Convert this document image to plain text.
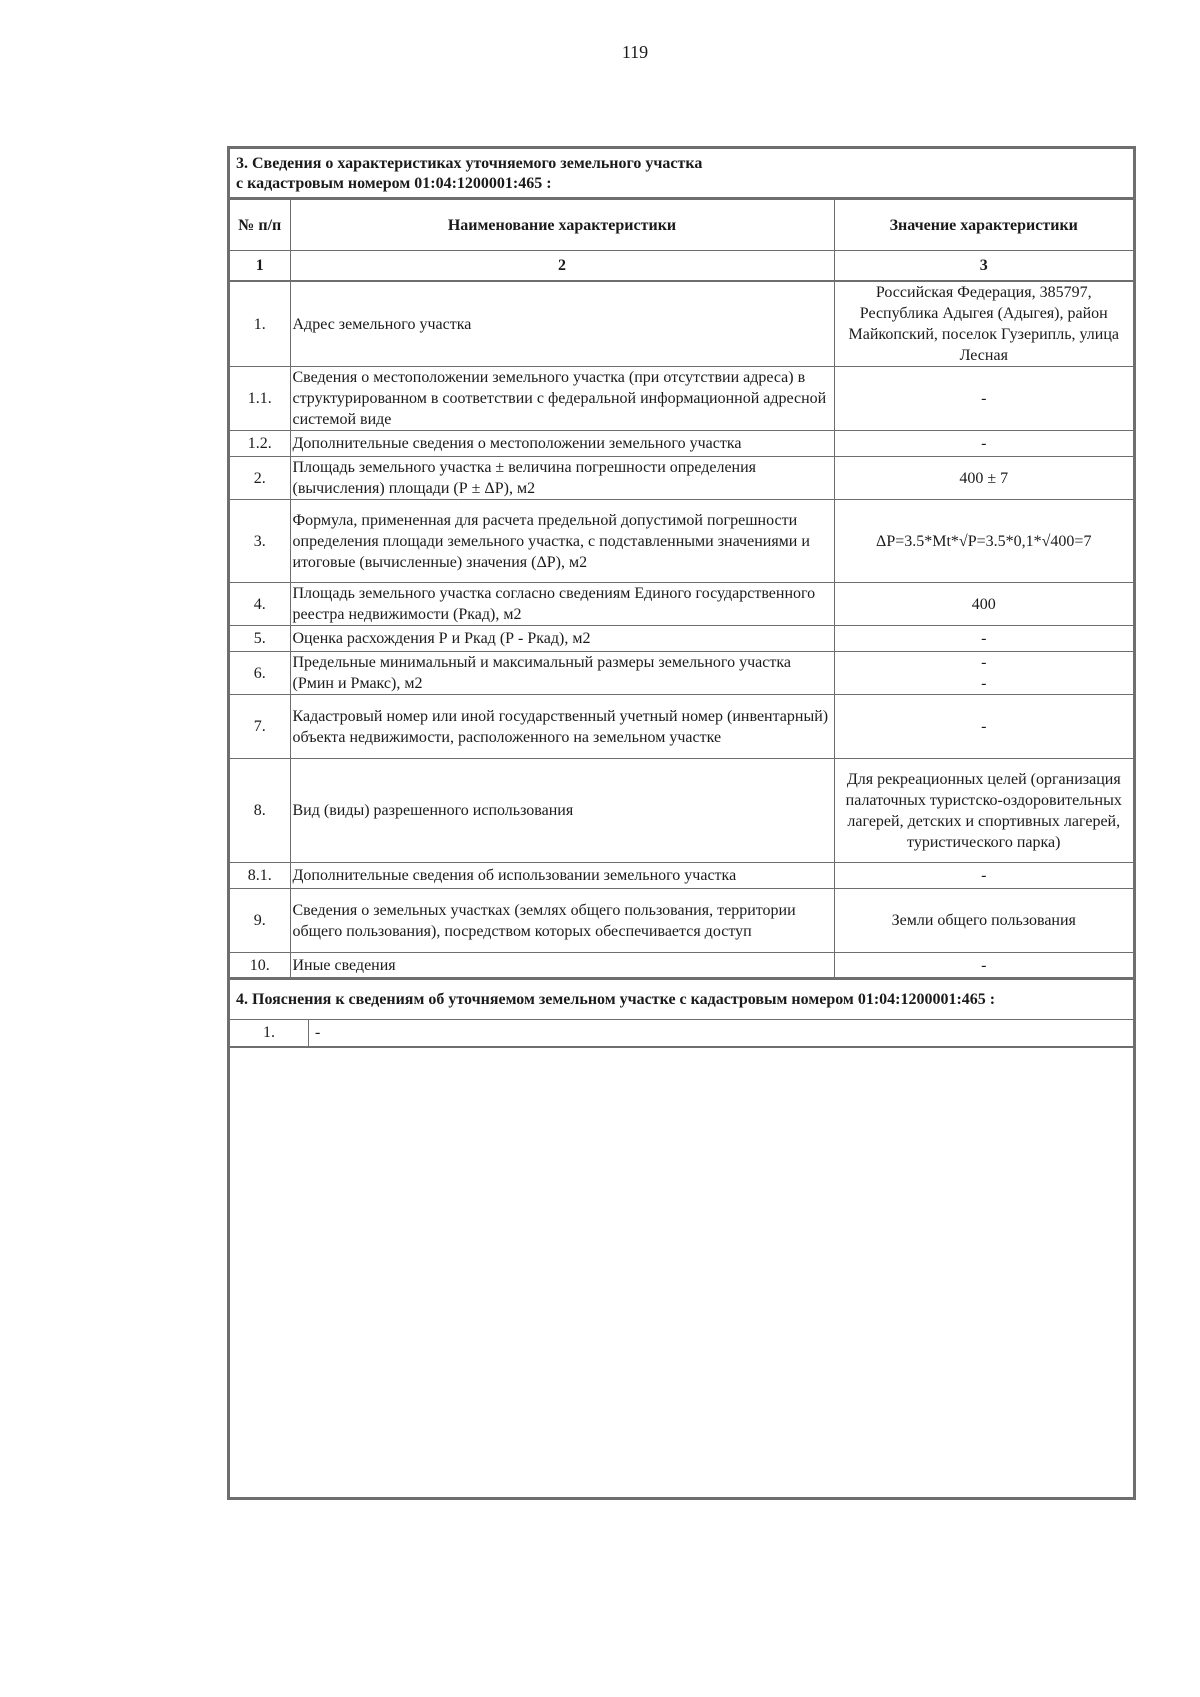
119
3. Сведения о характеристиках уточняемого земельного участка
с кадастровым номером 01:04:1200001:465 :
№ п/п	Наименование характеристики	Значение характеристики
1	2	3
1.	Адрес земельного участка	Российская Федерация, 385797, Республика Адыгея (Адыгея), район Майкопский, поселок Гузерипль, улица Лесная
1.1.	Сведения о местоположении земельного участка (при отсутствии адреса) в структурированном в соответствии с федеральной информационной адресной системой виде	-
1.2.	Дополнительные сведения о местоположении земельного участка	-
2.	Площадь земельного участка ± величина погрешности определения (вычисления) площади (Р ± ΔР), м2	400 ± 7
3.	Формула, примененная для расчета предельной допустимой погрешности определения площади земельного участка, с подставленными значениями и итоговые (вычисленные) значения (ΔР), м2	ΔР=3.5*Mt*√P=3.5*0,1*√400=7
4.	Площадь земельного участка согласно сведениям Единого государственного реестра недвижимости (Ркад), м2	400
5.	Оценка расхождения Р и Ркад (Р - Ркад), м2	-
6.	Предельные минимальный и максимальный размеры земельного участка (Рмин и Рмакс), м2	-
-
7.	Кадастровый номер или иной государственный учетный номер (инвентарный) объекта недвижимости, расположенного на земельном участке	-
8.	Вид (виды) разрешенного использования	Для рекреационных целей (организация палаточных туристско-оздоровительных лагерей, детских и спортивных лагерей, туристического парка)
8.1.	Дополнительные сведения об использовании земельного участка	-
9.	Сведения о земельных участках (землях общего пользования, территории общего пользования), посредством которых обеспечивается доступ	Земли общего пользования
10.	Иные сведения	-
4. Пояснения к сведениям об уточняемом земельном участке с кадастровым номером 01:04:1200001:465 :
1.	-
